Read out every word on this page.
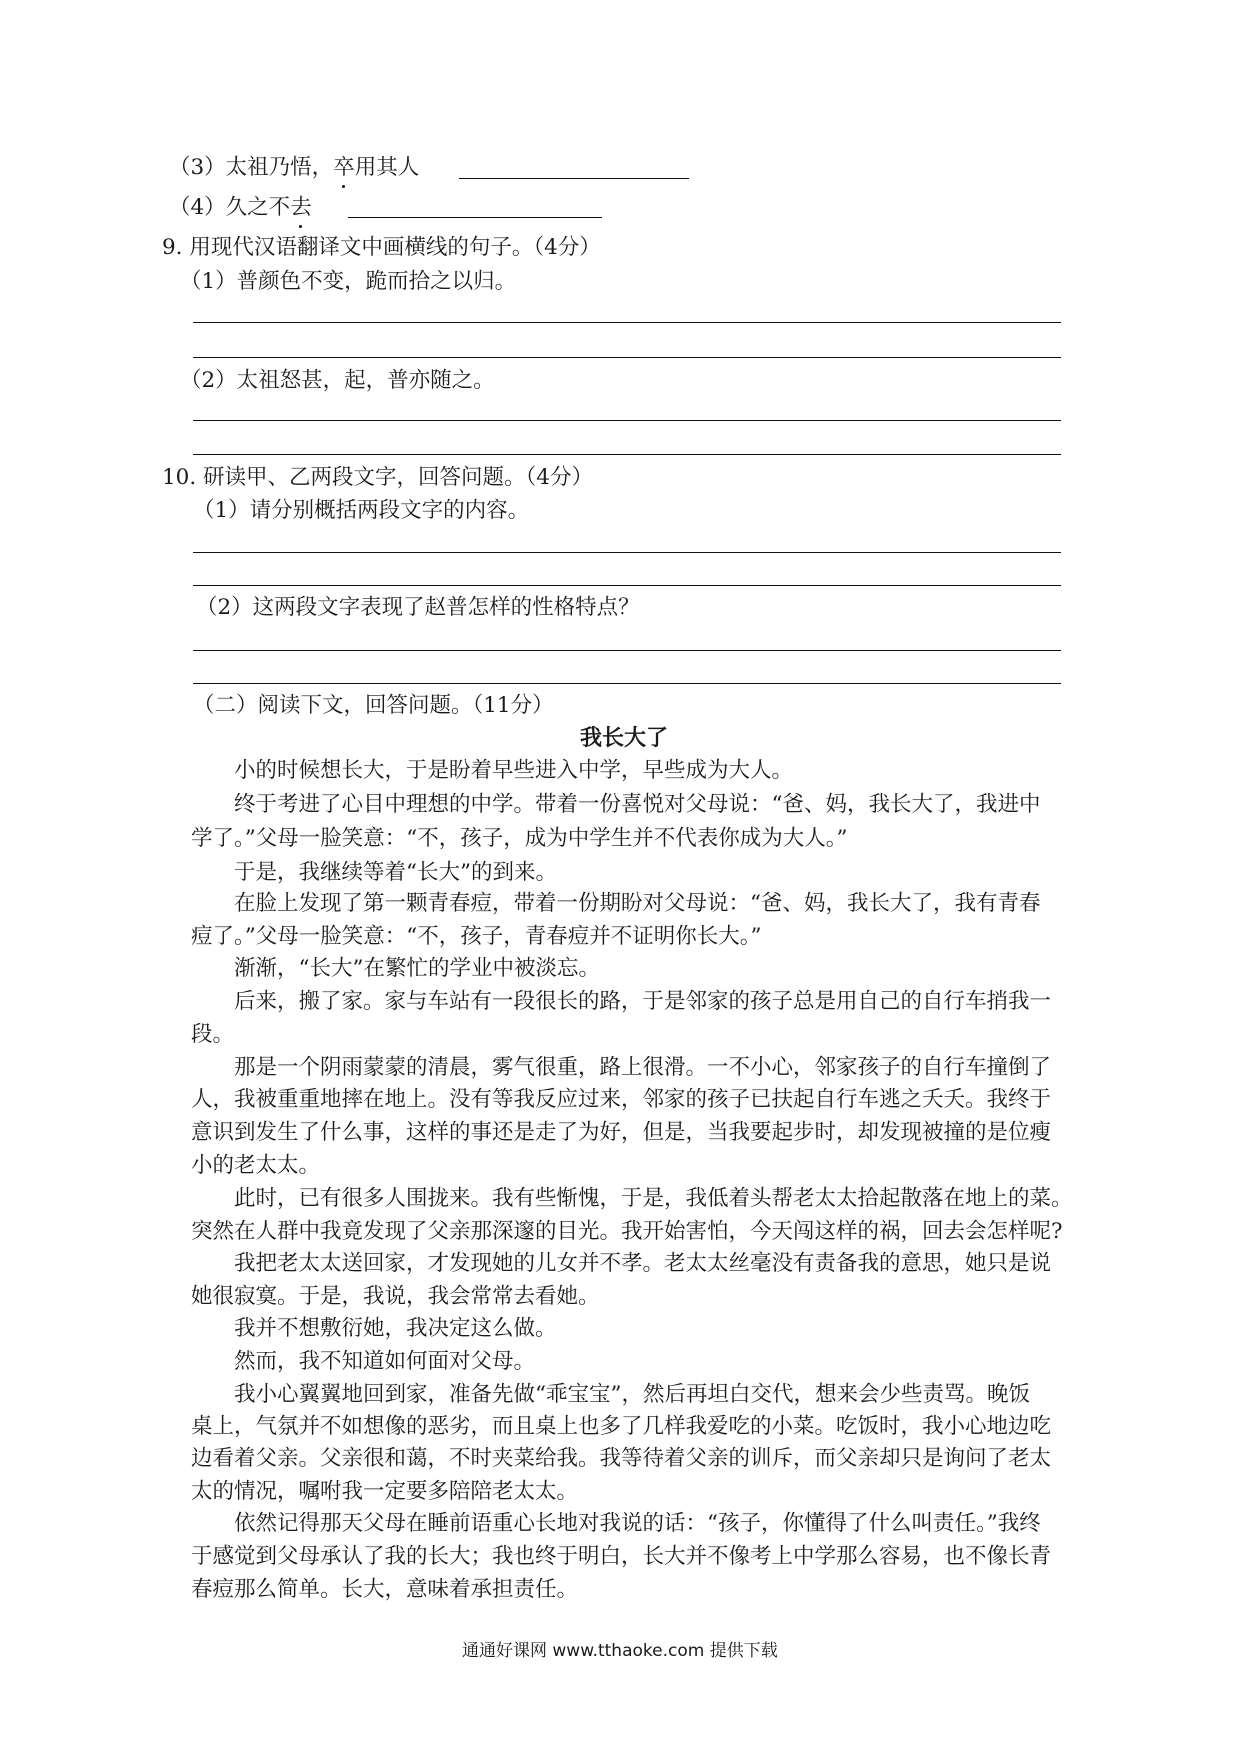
（3）太祖乃悟，卒用其人
（4）久之不去
9. 用现代汉语翻译文中画横线的句子。（4分）
（1）普颜色不变，跪而拾之以归。
（2）太祖怒甚，起，普亦随之。
10. 研读甲、乙两段文字，回答问题。（4分）
（1）请分别概括两段文字的内容。
（2）这两段文字表现了赵普怎样的性格特点？
（二）阅读下文，回答问题。（11分）
我长大了
小的时候想长大，于是盼着早些进入中学，早些成为大人。
终于考进了心目中理想的中学。带着一份喜悦对父母说：“爸、妈，我长大了，我进中
学了。”父母一脸笑意：“不，孩子，成为中学生并不代表你成为大人。”
于是，我继续等着“长大”的到来。
在脸上发现了第一颗青春痘，带着一份期盼对父母说：“爸、妈，我长大了，我有青春
痘了。”父母一脸笑意：“不，孩子，青春痘并不证明你长大。”
渐渐，“长大”在繁忙的学业中被淡忘。
后来，搬了家。家与车站有一段很长的路，于是邻家的孩子总是用自己的自行车捎我一
段。
那是一个阴雨蒙蒙的清晨，雾气很重，路上很滑。一不小心，邻家孩子的自行车撞倒了
人，我被重重地摔在地上。没有等我反应过来，邻家的孩子已扶起自行车逃之夭夭。我终于
意识到发生了什么事，这样的事还是走了为好，但是，当我要起步时，却发现被撞的是位瘦
小的老太太。
此时，已有很多人围拢来。我有些惭愧，于是，我低着头帮老太太拾起散落在地上的菜。
突然在人群中我竟发现了父亲那深邃的目光。我开始害怕，今天闯这样的祸，回去会怎样呢?
我把老太太送回家，才发现她的儿女并不孝。老太太丝毫没有责备我的意思，她只是说
她很寂寞。于是，我说，我会常常去看她。
我并不想敷衍她，我决定这么做。
然而，我不知道如何面对父母。
我小心翼翼地回到家，准备先做“乖宝宝”，然后再坦白交代，想来会少些责骂。晚饭
桌上，气氛并不如想像的恶劣，而且桌上也多了几样我爱吃的小菜。吃饭时，我小心地边吃
边看着父亲。父亲很和蔼，不时夹菜给我。我等待着父亲的训斥，而父亲却只是询问了老太
太的情况，嘱咐我一定要多陪陪老太太。
依然记得那天父母在睡前语重心长地对我说的话：“孩子，你懂得了什么叫责任。”我终
于感觉到父母承认了我的长大；我也终于明白，长大并不像考上中学那么容易，也不像长青
春痘那么简单。长大，意味着承担责任。
通通好课网 www.tthaoke.com 提供下载
